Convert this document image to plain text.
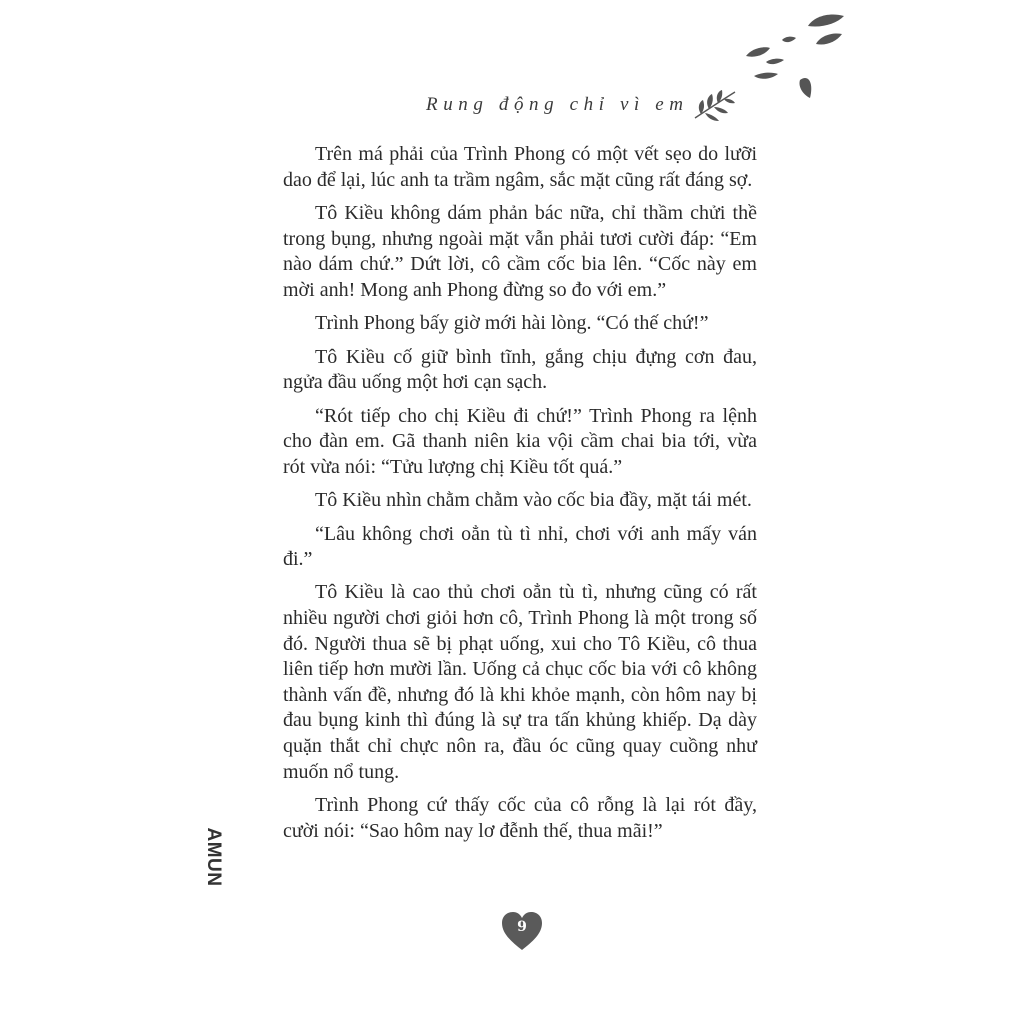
Rung động chỉ vì em

Trên má phải của Trình Phong có một vết sẹo do lưỡi dao để lại, lúc anh ta trầm ngâm, sắc mặt cũng rất đáng sợ.

Tô Kiều không dám phản bác nữa, chỉ thầm chửi thề trong bụng, nhưng ngoài mặt vẫn phải tươi cười đáp: “Em nào dám chứ.” Dứt lời, cô cầm cốc bia lên. “Cốc này em mời anh! Mong anh Phong đừng so đo với em.”

Trình Phong bấy giờ mới hài lòng. “Có thế chứ!”

Tô Kiều cố giữ bình tĩnh, gắng chịu đựng cơn đau, ngửa đầu uống một hơi cạn sạch.

“Rót tiếp cho chị Kiều đi chứ!” Trình Phong ra lệnh cho đàn em. Gã thanh niên kia vội cầm chai bia tới, vừa rót vừa nói: “Tửu lượng chị Kiều tốt quá.”

Tô Kiều nhìn chằm chằm vào cốc bia đầy, mặt tái mét.

“Lâu không chơi oẳn tù tì nhỉ, chơi với anh mấy ván đi.”

Tô Kiều là cao thủ chơi oẳn tù tì, nhưng cũng có rất nhiều người chơi giỏi hơn cô, Trình Phong là một trong số đó. Người thua sẽ bị phạt uống, xui cho Tô Kiều, cô thua liên tiếp hơn mười lần. Uống cả chục cốc bia với cô không thành vấn đề, nhưng đó là khi khỏe mạnh, còn hôm nay bị đau bụng kinh thì đúng là sự tra tấn khủng khiếp. Dạ dày quặn thắt chỉ chực nôn ra, đầu óc cũng quay cuồng như muốn nổ tung.

Trình Phong cứ thấy cốc của cô rỗng là lại rót đầy, cười nói: “Sao hôm nay lơ đễnh thế, thua mãi!”

AMUN
9
